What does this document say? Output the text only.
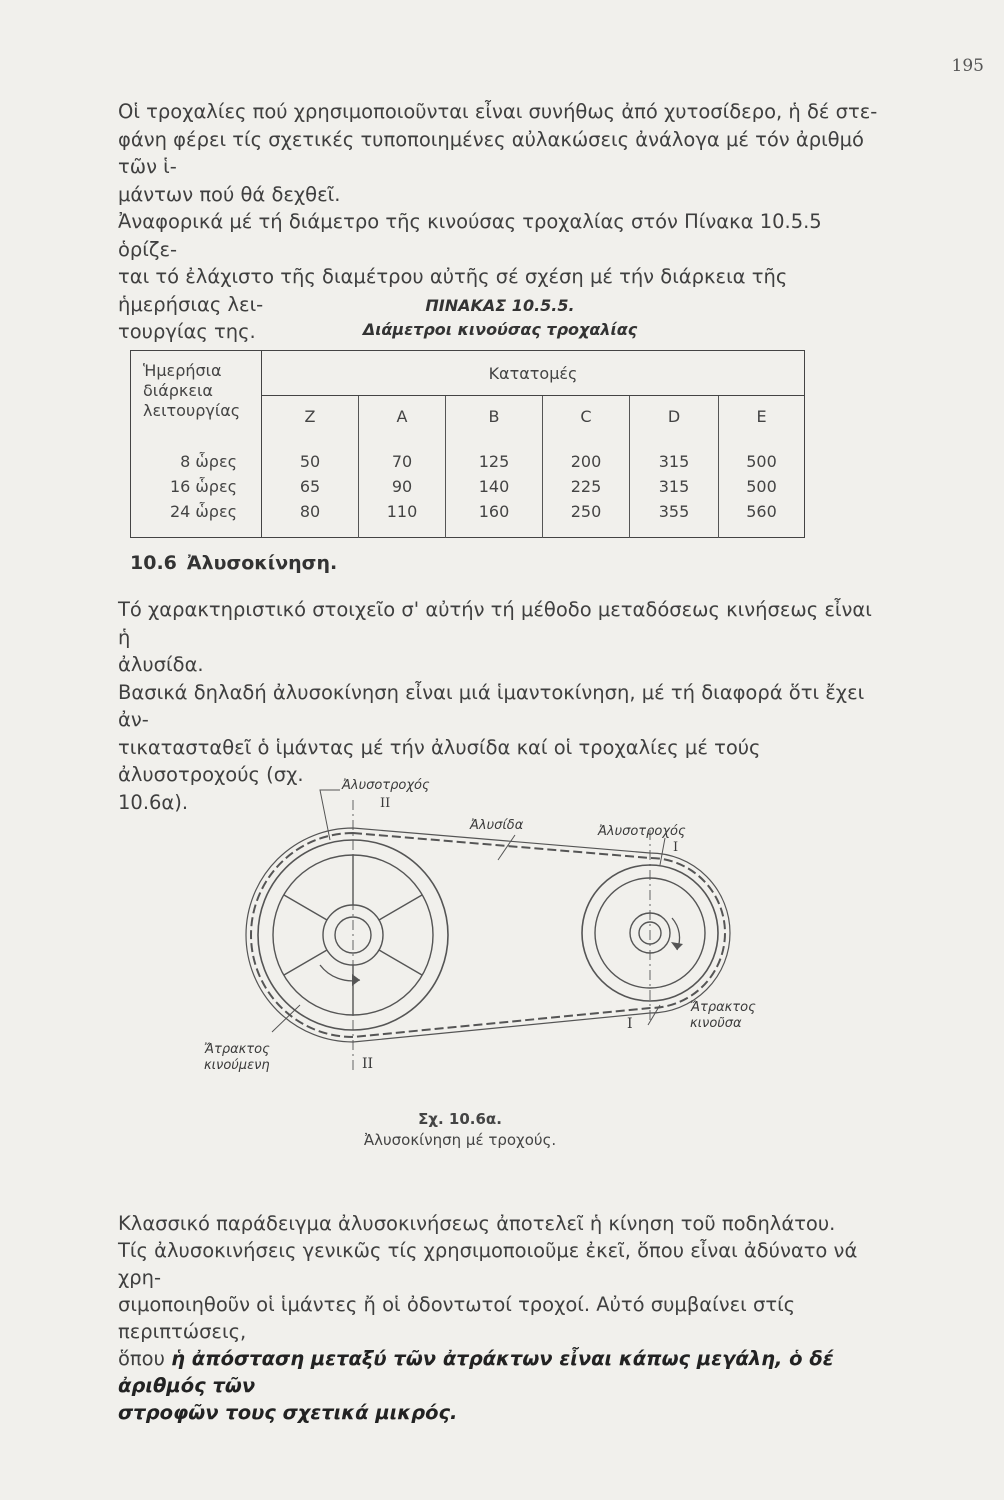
195

Οἱ τροχαλίες πού χρησιμοποιοῦνται εἶναι συνήθως ἀπό χυτοσίδερο, ἡ δέ στε-

φάνη φέρει τίς σχετικές τυποποιημένες αὐλακώσεις ἀνάλογα μέ τόν ἀριθμό τῶν ἱ-

μάντων πού θά δεχθεῖ.

Ἀναφορικά μέ τή διάμετρο τῆς κινούσας τροχαλίας στόν Πίνακα 10.5.5 ὁρίζε-

ται τό ἐλάχιστο τῆς διαμέτρου αὐτῆς σέ σχέση μέ τήν διάρκεια τῆς ἡμερήσιας λει-

τουργίας της.

ΠΙΝΑΚΑΣ 10.5.5.
Διάμετροι κινούσας τροχαλίας
Ἡμερήσια
διάρκεια
λειτουργίας	Κατατομές					
	Z	A	B	C	D	E
8 ὧρες	50	70	125	200	315	500
16 ὧρες	65	90	140	225	315	500
24 ὧρες	80	110	160	250	355	560
10.6 Ἀλυσοκίνηση.

Τό χαρακτηριστικό στοιχεῖο σ' αὐτήν τή μέθοδο μεταδόσεως κινήσεως εἶναι ἡ

ἀλυσίδα.

Βασικά δηλαδή ἀλυσοκίνηση εἶναι μιά ἱμαντοκίνηση, μέ τή διαφορά ὅτι ἔχει ἀν-

τικατασταθεῖ ὁ ἱμάντας μέ τήν ἀλυσίδα καί οἱ τροχαλίες μέ τούς ἀλυσοτροχούς (σχ.

10.6α).

Ἀλυσοτροχός
II
Ἀλυσίδα	Ἀλυσοτροχός
I
Ἄτρακτος
κινοῦσα
I
Ἄτρακτος
κινούμενη	II
Σχ. 10.6α.
Ἀλυσοκίνηση μέ τροχούς.

Κλασσικό παράδειγμα ἀλυσοκινήσεως ἀποτελεῖ ἡ κίνηση τοῦ ποδηλάτου.

Τίς ἀλυσοκινήσεις γενικῶς τίς χρησιμοποιοῦμε ἐκεῖ, ὅπου εἶναι ἀδύνατο νά χρη-

σιμοποιηθοῦν οἱ ἱμάντες ἤ οἱ ὀδοντωτοί τροχοί. Αὐτό συμβαίνει στίς περιπτώσεις,

ὅπου ἡ ἀπόσταση μεταξύ τῶν ἀτράκτων εἶναι κάπως μεγάλη, ὁ δέ ἀριθμός τῶν

στροφῶν τους σχετικά μικρός.
